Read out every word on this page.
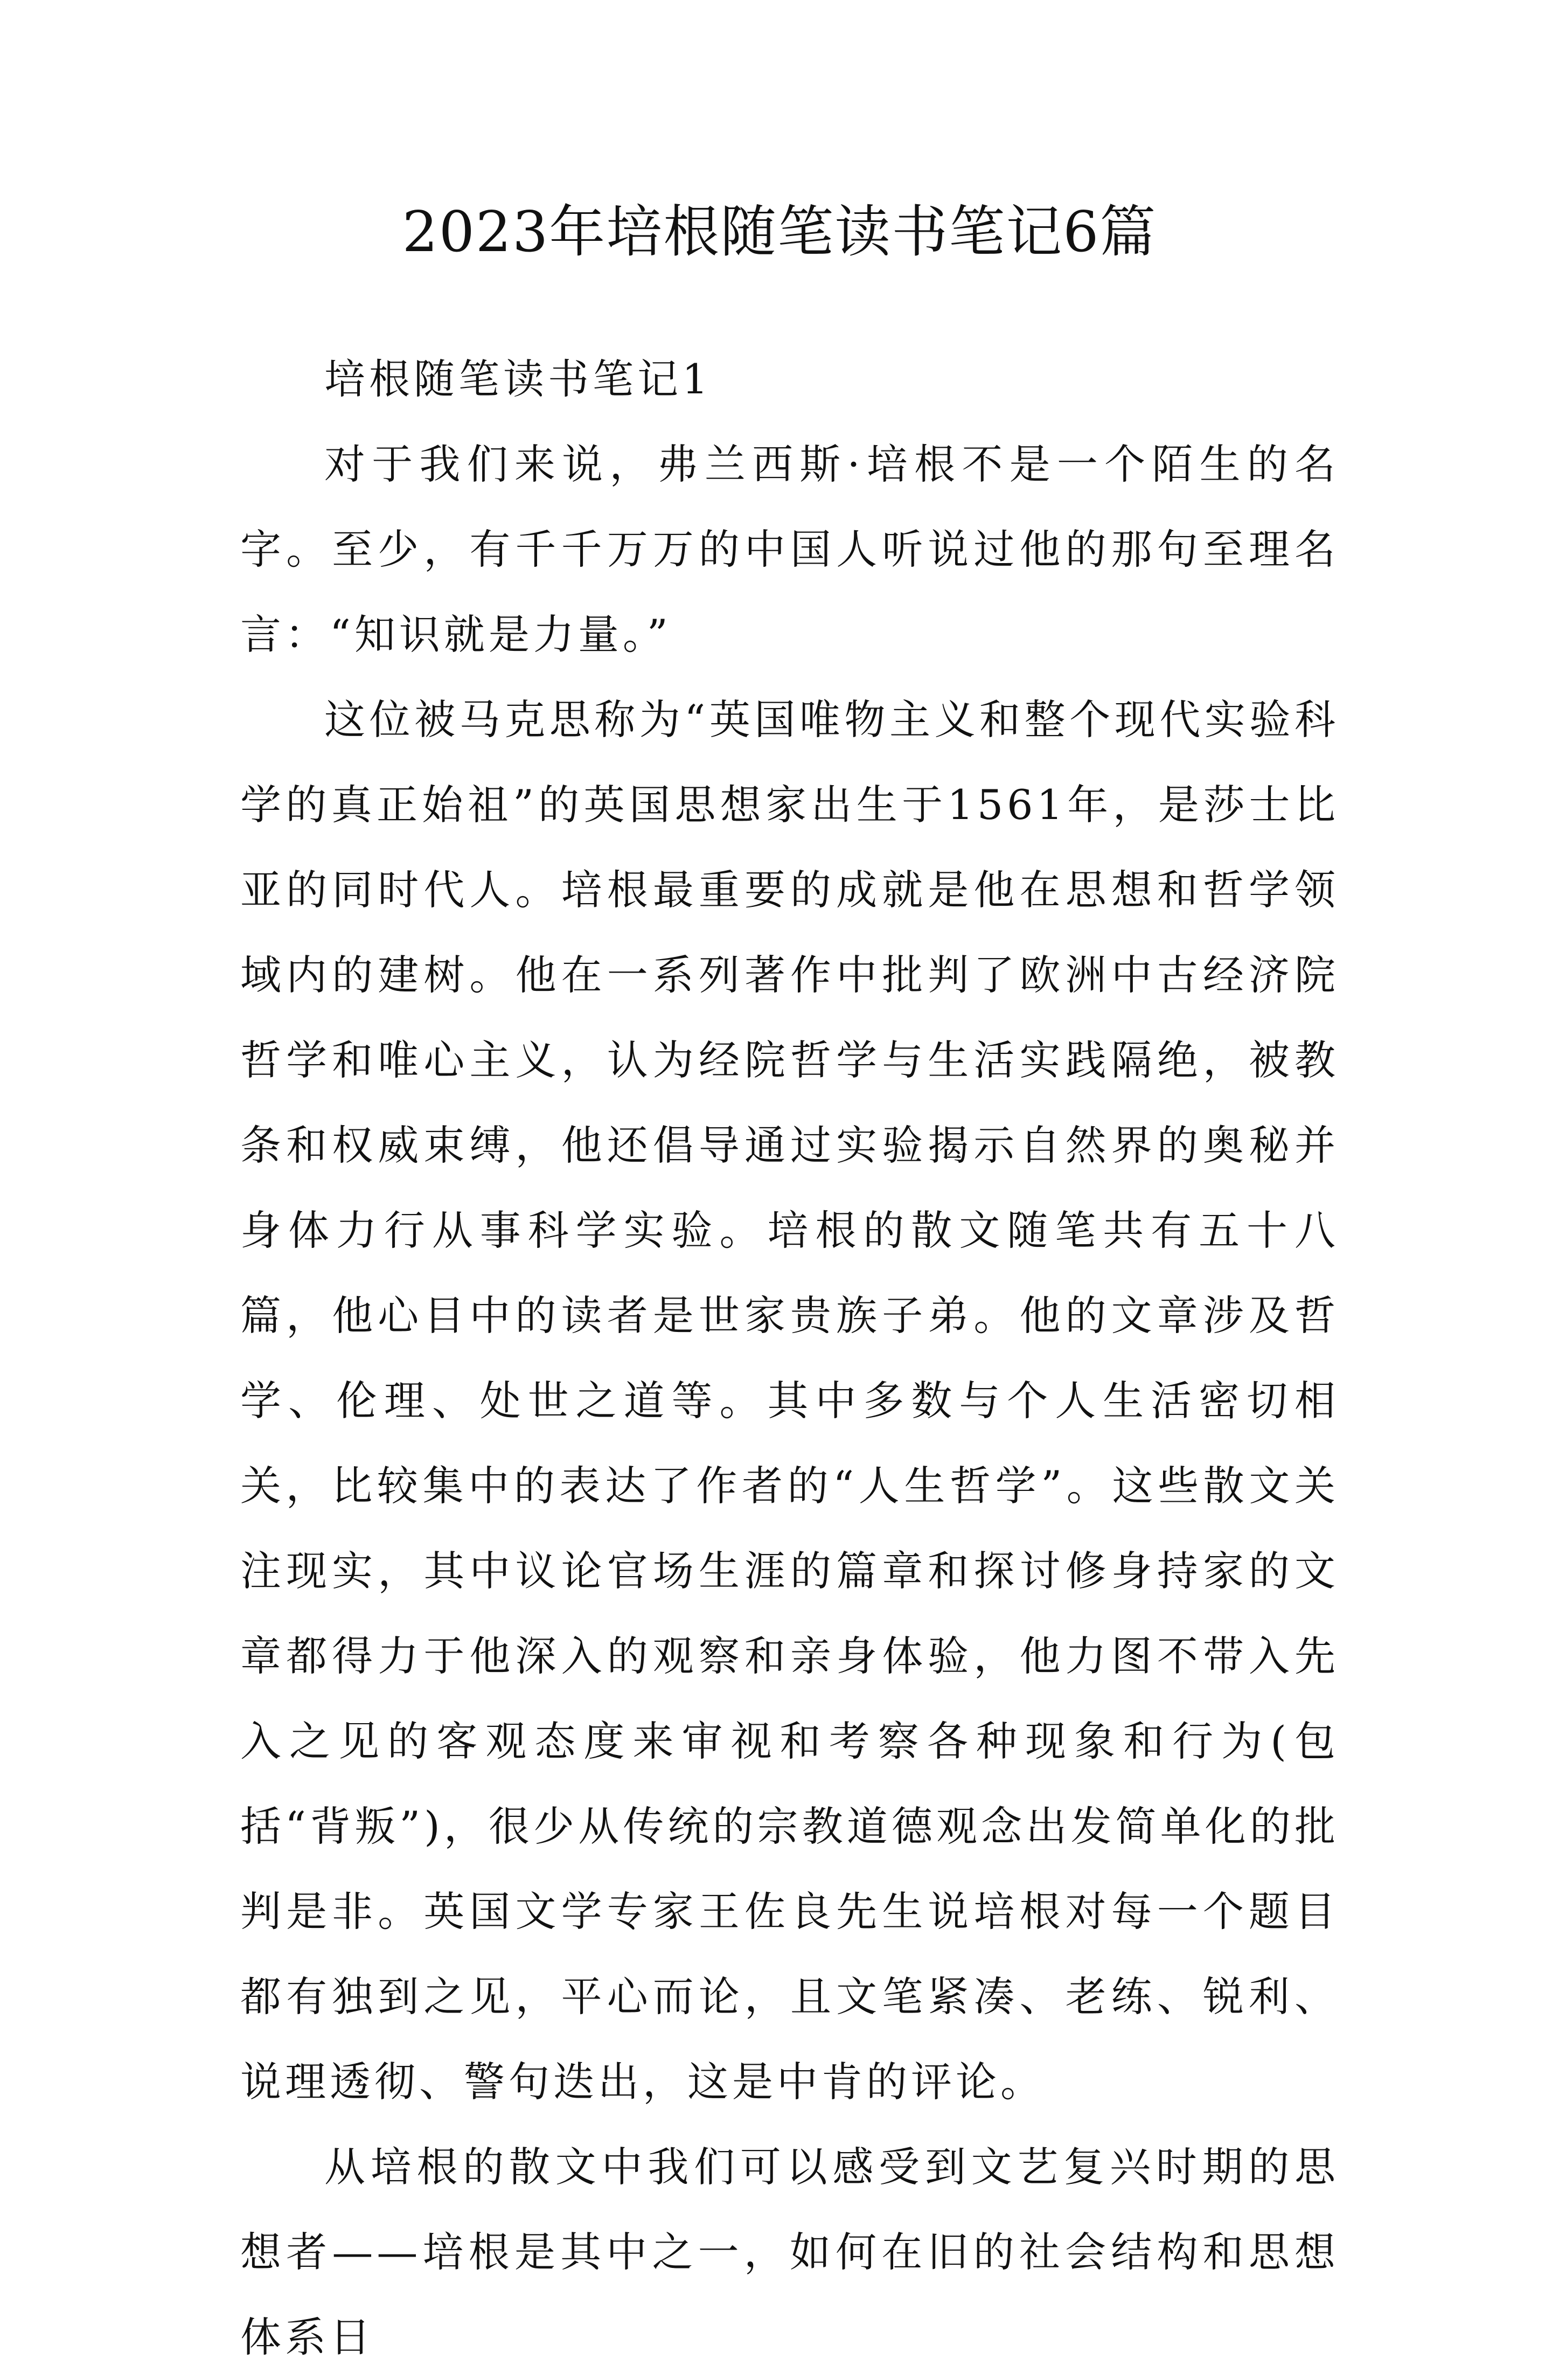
2023年培根随笔读书笔记6篇

培根随笔读书笔记1

对于我们来说，弗兰西斯·培根不是一个陌生的名字。至少，有千千万万的中国人听说过他的那句至理名言：“知识就是力量。”

这位被马克思称为“英国唯物主义和整个现代实验科学的真正始祖”的英国思想家出生于1561年，是莎士比亚的同时代人。培根最重要的成就是他在思想和哲学领域内的建树。他在一系列著作中批判了欧洲中古经济院哲学和唯心主义，认为经院哲学与生活实践隔绝，被教条和权威束缚，他还倡导通过实验揭示自然界的奥秘并身体力行从事科学实验。培根的散文随笔共有五十八篇，他心目中的读者是世家贵族子弟。他的文章涉及哲学、伦理、处世之道等。其中多数与个人生活密切相关，比较集中的表达了作者的“人生哲学”。这些散文关注现实，其中议论官场生涯的篇章和探讨修身持家的文章都得力于他深入的观察和亲身体验，他力图不带入先入之见的客观态度来审视和考察各种现象和行为(包括“背叛”)，很少从传统的宗教道德观念出发简单化的批判是非。英国文学专家王佐良先生说培根对每一个题目都有独到之见，平心而论，且文笔紧凑、老练、锐利、说理透彻、警句迭出，这是中肯的评论。

从培根的散文中我们可以感受到文艺复兴时期的思想者——培根是其中之一，如何在旧的社会结构和思想体系日
